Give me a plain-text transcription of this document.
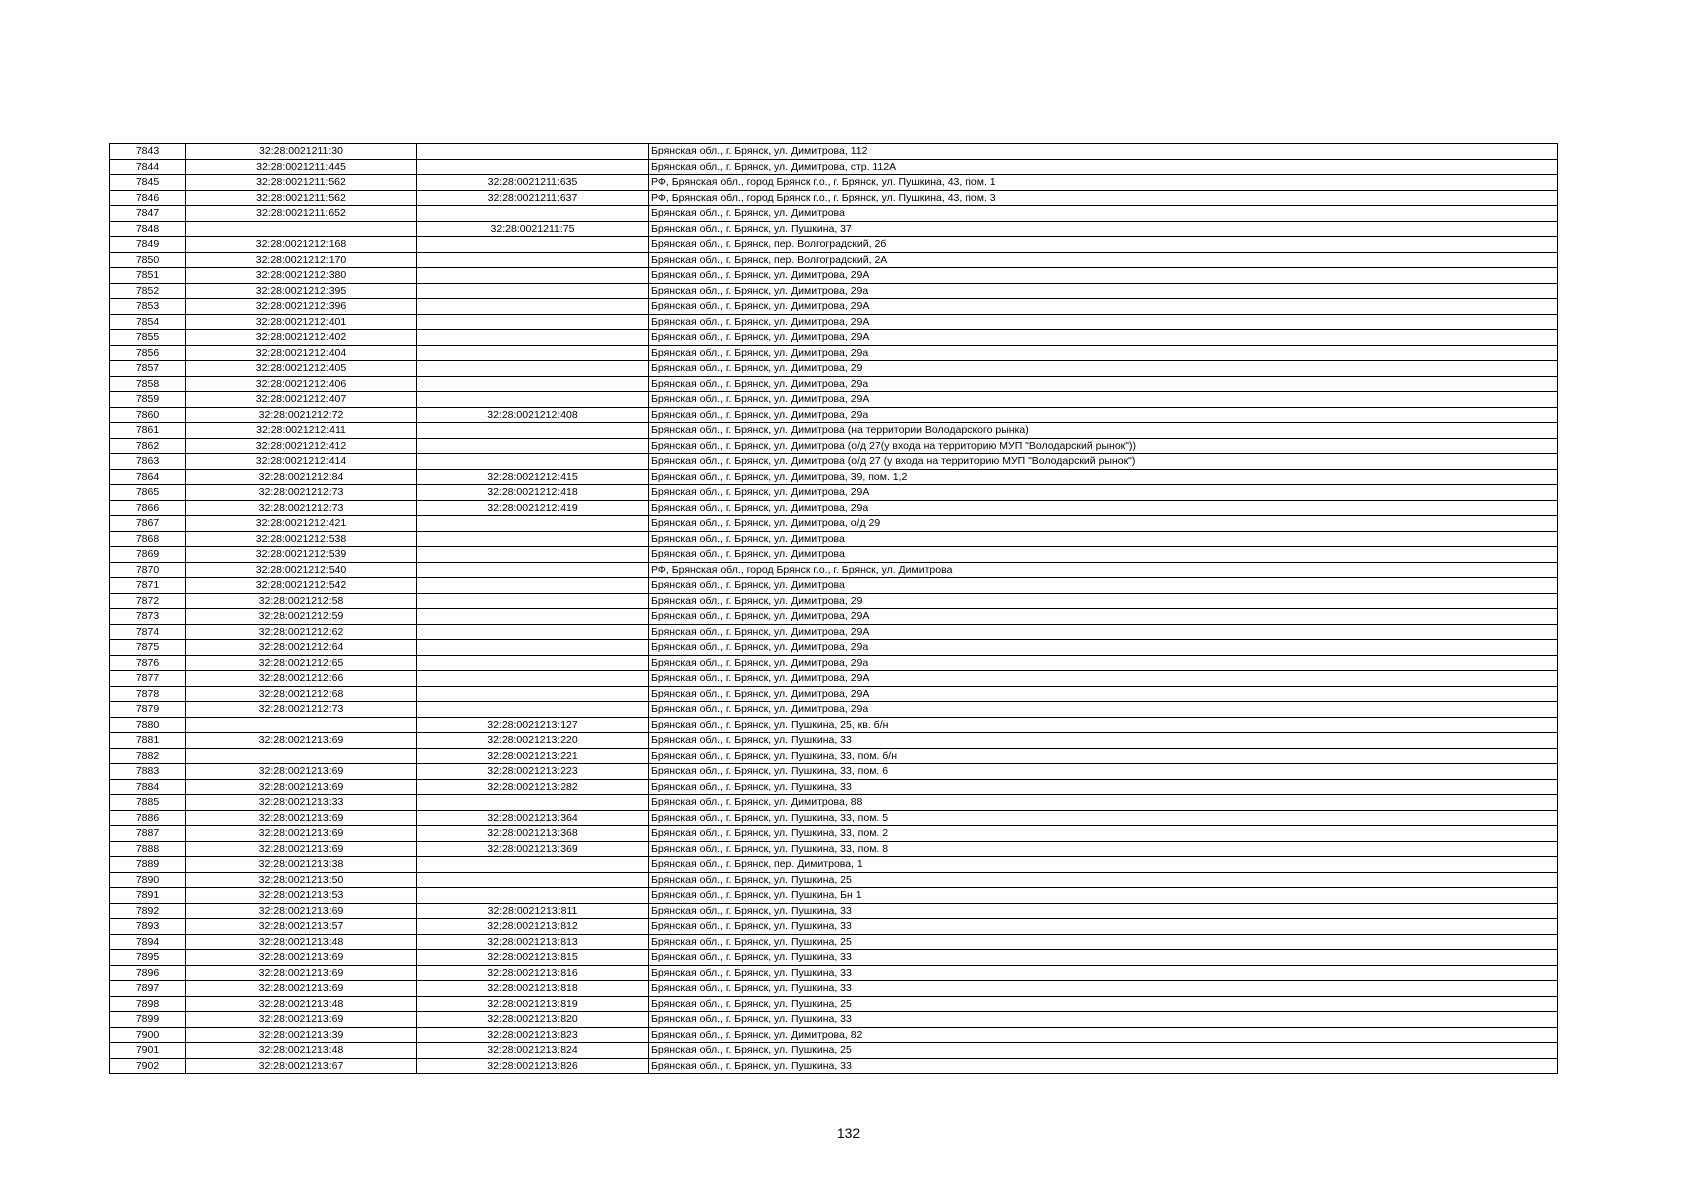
7843	32:28:0021211:30		Брянская обл., г. Брянск, ул. Димитрова, 112
7844	32:28:0021211:445		Брянская обл., г. Брянск, ул. Димитрова, стр. 112А
7845	32:28:0021211:562	32:28:0021211:635	РФ, Брянская обл., город Брянск г.о., г. Брянск, ул. Пушкина, 43, пом. 1
7846	32:28:0021211:562	32:28:0021211:637	РФ, Брянская обл., город Брянск г.о., г. Брянск, ул. Пушкина, 43, пом. 3
7847	32:28:0021211:652		Брянская обл., г. Брянск, ул. Димитрова
7848		32:28:0021211:75	Брянская обл., г. Брянск, ул. Пушкина, 37
7849	32:28:0021212:168		Брянская обл., г. Брянск, пер. Волгоградский, 2б
7850	32:28:0021212:170		Брянская обл., г. Брянск, пер. Волгоградский, 2А
7851	32:28:0021212:380		Брянская обл., г. Брянск, ул. Димитрова, 29А
7852	32:28:0021212:395		Брянская обл., г. Брянск, ул. Димитрова, 29а
7853	32:28:0021212:396		Брянская обл., г. Брянск, ул. Димитрова, 29А
7854	32:28:0021212:401		Брянская обл., г. Брянск, ул. Димитрова, 29А
7855	32:28:0021212:402		Брянская обл., г. Брянск, ул. Димитрова, 29А
7856	32:28:0021212:404		Брянская обл., г. Брянск, ул. Димитрова, 29а
7857	32:28:0021212:405		Брянская обл., г. Брянск, ул. Димитрова, 29
7858	32:28:0021212:406		Брянская обл., г. Брянск, ул. Димитрова, 29а
7859	32:28:0021212:407		Брянская обл., г. Брянск, ул. Димитрова, 29А
7860	32:28:0021212:72	32:28:0021212:408	Брянская обл., г. Брянск, ул. Димитрова, 29а
7861	32:28:0021212:411		Брянская обл., г. Брянск, ул. Димитрова (на территории Володарского рынка)
7862	32:28:0021212:412		Брянская обл., г. Брянск, ул. Димитрова (о/д 27(у входа на территорию МУП "Володарский рынок"))
7863	32:28:0021212:414		Брянская обл., г. Брянск, ул. Димитрова (о/д 27 (у входа на территорию МУП "Володарский рынок")
7864	32:28:0021212:84	32:28:0021212:415	Брянская обл., г. Брянск, ул. Димитрова, 39, пом. 1,2
7865	32:28:0021212:73	32:28:0021212:418	Брянская обл., г. Брянск, ул. Димитрова, 29А
7866	32:28:0021212:73	32:28:0021212:419	Брянская обл., г. Брянск, ул. Димитрова, 29а
7867	32:28:0021212:421		Брянская обл., г. Брянск, ул. Димитрова, о/д 29
7868	32:28:0021212:538		Брянская обл., г. Брянск, ул. Димитрова
7869	32:28:0021212:539		Брянская обл., г. Брянск, ул. Димитрова
7870	32:28:0021212:540		РФ, Брянская обл., город Брянск г.о., г. Брянск, ул. Димитрова
7871	32:28:0021212:542		Брянская обл., г. Брянск, ул. Димитрова
7872	32:28:0021212:58		Брянская обл., г. Брянск, ул. Димитрова, 29
7873	32:28:0021212:59		Брянская обл., г. Брянск, ул. Димитрова, 29А
7874	32:28:0021212:62		Брянская обл., г. Брянск, ул. Димитрова, 29А
7875	32:28:0021212:64		Брянская обл., г. Брянск, ул. Димитрова, 29а
7876	32:28:0021212:65		Брянская обл., г. Брянск, ул. Димитрова, 29а
7877	32:28:0021212:66		Брянская обл., г. Брянск, ул. Димитрова, 29А
7878	32:28:0021212:68		Брянская обл., г. Брянск, ул. Димитрова, 29А
7879	32:28:0021212:73		Брянская обл., г. Брянск, ул. Димитрова, 29а
7880		32:28:0021213:127	Брянская обл., г. Брянск, ул. Пушкина, 25, кв. б/н
7881	32:28:0021213:69	32:28:0021213:220	Брянская обл., г. Брянск, ул. Пушкина, 33
7882		32:28:0021213:221	Брянская обл., г. Брянск, ул. Пушкина, 33, пом. б/н
7883	32:28:0021213:69	32:28:0021213:223	Брянская обл., г. Брянск, ул. Пушкина, 33, пом. 6
7884	32:28:0021213:69	32:28:0021213:282	Брянская обл., г. Брянск, ул. Пушкина, 33
7885	32:28:0021213:33		Брянская обл., г. Брянск, ул. Димитрова, 88
7886	32:28:0021213:69	32:28:0021213:364	Брянская обл., г. Брянск, ул. Пушкина, 33, пом. 5
7887	32:28:0021213:69	32:28:0021213:368	Брянская обл., г. Брянск, ул. Пушкина, 33, пом. 2
7888	32:28:0021213:69	32:28:0021213:369	Брянская обл., г. Брянск, ул. Пушкина, 33, пом. 8
7889	32:28:0021213:38		Брянская обл., г. Брянск, пер. Димитрова, 1
7890	32:28:0021213:50		Брянская обл., г. Брянск, ул. Пушкина, 25
7891	32:28:0021213:53		Брянская обл., г. Брянск, ул. Пушкина, Бн 1
7892	32:28:0021213:69	32:28:0021213:811	Брянская обл., г. Брянск, ул. Пушкина, 33
7893	32:28:0021213:57	32:28:0021213:812	Брянская обл., г. Брянск, ул. Пушкина, 33
7894	32:28:0021213:48	32:28:0021213:813	Брянская обл., г. Брянск, ул. Пушкина, 25
7895	32:28:0021213:69	32:28:0021213:815	Брянская обл., г. Брянск, ул. Пушкина, 33
7896	32:28:0021213:69	32:28:0021213:816	Брянская обл., г. Брянск, ул. Пушкина, 33
7897	32:28:0021213:69	32:28:0021213:818	Брянская обл., г. Брянск, ул. Пушкина, 33
7898	32:28:0021213:48	32:28:0021213:819	Брянская обл., г. Брянск, ул. Пушкина, 25
7899	32:28:0021213:69	32:28:0021213:820	Брянская обл., г. Брянск, ул. Пушкина, 33
7900	32:28:0021213:39	32:28:0021213:823	Брянская обл., г. Брянск, ул. Димитрова, 82
7901	32:28:0021213:48	32:28:0021213:824	Брянская обл., г. Брянск, ул. Пушкина, 25
7902	32:28:0021213:67	32:28:0021213:826	Брянская обл., г. Брянск, ул. Пушкина, 33
132
